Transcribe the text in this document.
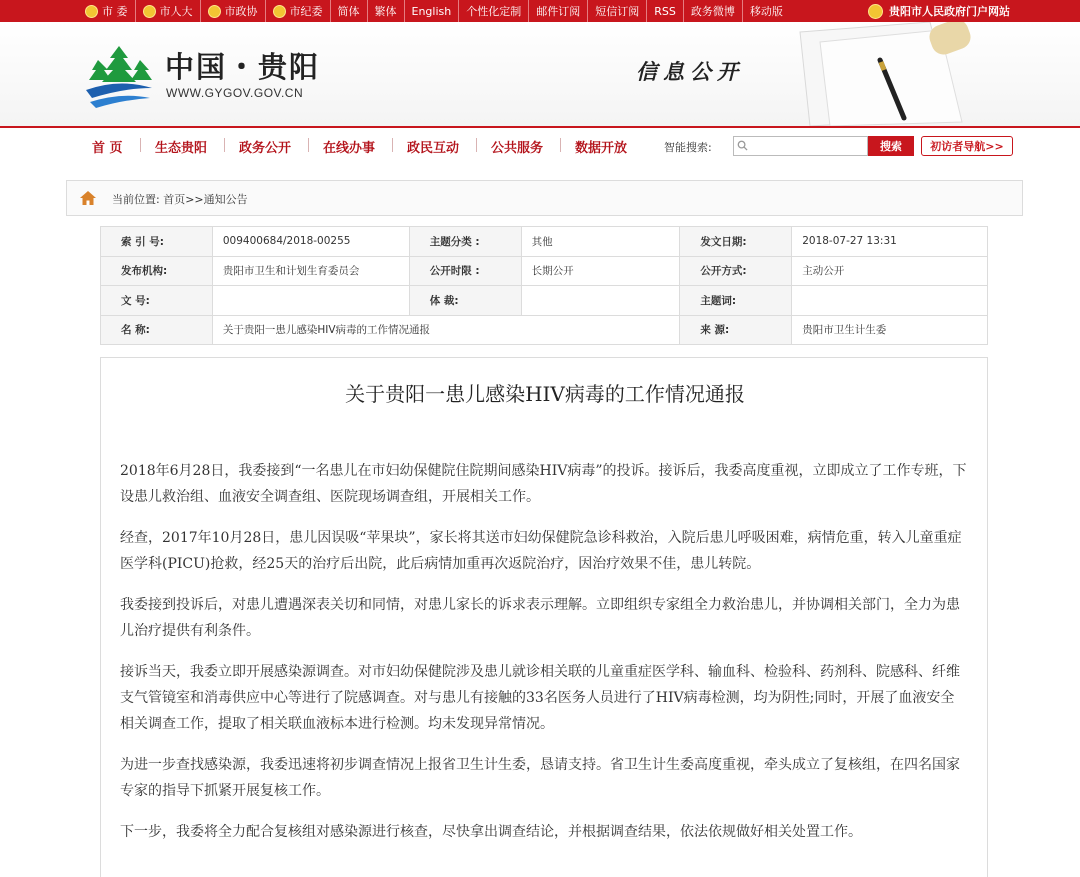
市 委	市人大	市政协	市纪委	简体	繁体	English	个性化定制	邮件订阅	短信订阅	RSS	政务微博	移动版	贵阳市人民政府门户网站
中国・贵阳
WWW.GYGOV.GOV.CN
信息公开
首 页 生态贵阳 政务公开 在线办事 政民互动 公共服务 数据开放	智能搜索:	搜索	初访者导航>>
当前位置: 首页>>通知公告
索 引 号:	009400684/2018-00255	主题分类 :	其他	发文日期:	2018-07-27 13:31
发布机构:	贵阳市卫生和计划生育委员会	公开时限 :	长期公开	公开方式:	主动公开
文 号:		体 裁:		主题词:	
名 称:	关于贵阳一患儿感染HIV病毒的工作情况通报			来 源:	贵阳市卫生计生委
关于贵阳一患儿感染HIV病毒的工作情况通报

2018年6月28日，我委接到“一名患儿在市妇幼保健院住院期间感染HIV病毒”的投诉。接诉后，我委高度重视，立即成立了工作专班，下设患儿救治组、血液安全调查组、医院现场调查组，开展相关工作。

经查，2017年10月28日，患儿因误吸“苹果块”，家长将其送市妇幼保健院急诊科救治，入院后患儿呼吸困难，病情危重，转入儿童重症医学科(PICU)抢救，经25天的治疗后出院，此后病情加重再次返院治疗，因治疗效果不佳，患儿转院。

我委接到投诉后，对患儿遭遇深表关切和同情，对患儿家长的诉求表示理解。立即组织专家组全力救治患儿，并协调相关部门，全力为患儿治疗提供有利条件。

接诉当天，我委立即开展感染源调查。对市妇幼保健院涉及患儿就诊相关联的儿童重症医学科、输血科、检验科、药剂科、院感科、纤维支气管镜室和消毒供应中心等进行了院感调查。对与患儿有接触的33名医务人员进行了HIV病毒检测，均为阴性;同时，开展了血液安全相关调查工作，提取了相关联血液标本进行检测。均未发现异常情况。

为进一步查找感染源，我委迅速将初步调查情况上报省卫生计生委，恳请支持。省卫生计生委高度重视，牵头成立了复核组，在四名国家专家的指导下抓紧开展复核工作。

下一步，我委将全力配合复核组对感染源进行核查，尽快拿出调查结论，并根据调查结果，依法依规做好相关处置工作。
